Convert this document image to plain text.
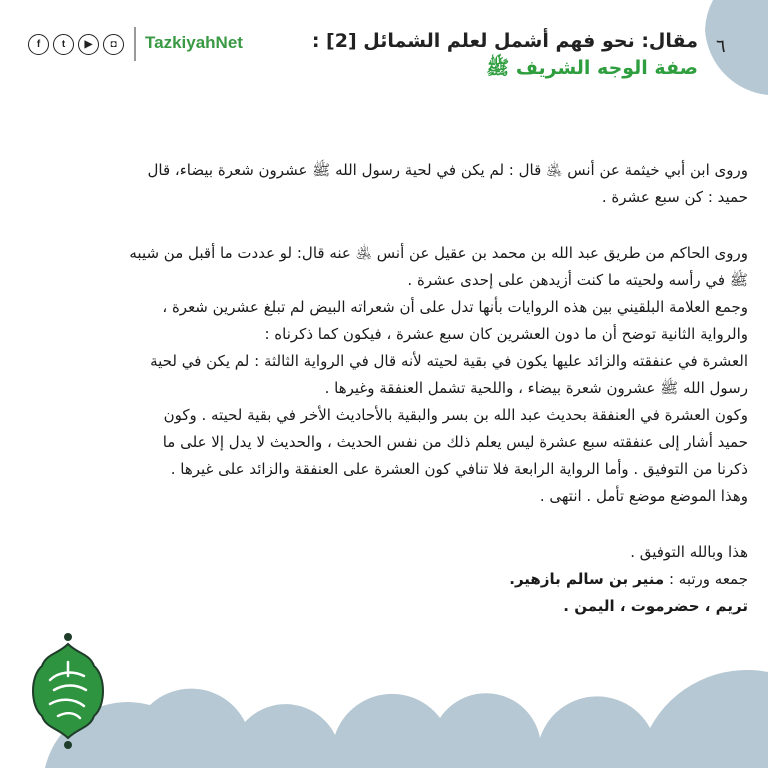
٦
مقال: نحو فهم أشمل لعلم الشمائل [2] :
صفة الوجه الشريف ﷺ
TazkiyahNet
f	t	▶	◘
وروى ابن أبي خيثمة عن أنس ﵁ قال : لم يكن في لحية رسول الله ﷺ عشرون شعرة بيضاء، قال
حميد : كن سبع عشرة .
وروى الحاكم من طريق عبد الله بن محمد بن عقيل عن أنس ﵁ عنه قال: لو عددت ما أقبل من شيبه
ﷺ في رأسه ولحيته ما كنت أزيدهن على إحدى عشرة .
وجمع العلامة البلقيني بين هذه الروايات بأنها تدل على أن شعراته البيض لم تبلغ عشرين شعرة ،
والرواية الثانية توضح أن ما دون العشرين كان سبع عشرة ، فيكون كما ذكرناه :
العشرة في عنفقته والزائد عليها يكون في بقية لحيته لأنه قال في الرواية الثالثة : لم يكن في لحية
رسول الله ﷺ عشرون شعرة بيضاء ، واللحية تشمل العنفقة وغيرها .
وكون العشرة في العنفقة بحديث عبد الله بن بسر والبقية بالأحاديث الأخر في بقية لحيته . وكون
حميد أشار إلى عنفقته سبع عشرة ليس يعلم ذلك من نفس الحديث ، والحديث لا يدل إلا على ما
ذكرنا من التوفيق . وأما الرواية الرابعة فلا تنافي كون العشرة على العنفقة والزائد على غيرها .
وهذا الموضع موضع تأمل . انتهى .
هذا وبالله التوفيق .
جمعه ورتبه : منير بن سالم بازهير.
تريم ، حضرموت ، اليمن .
